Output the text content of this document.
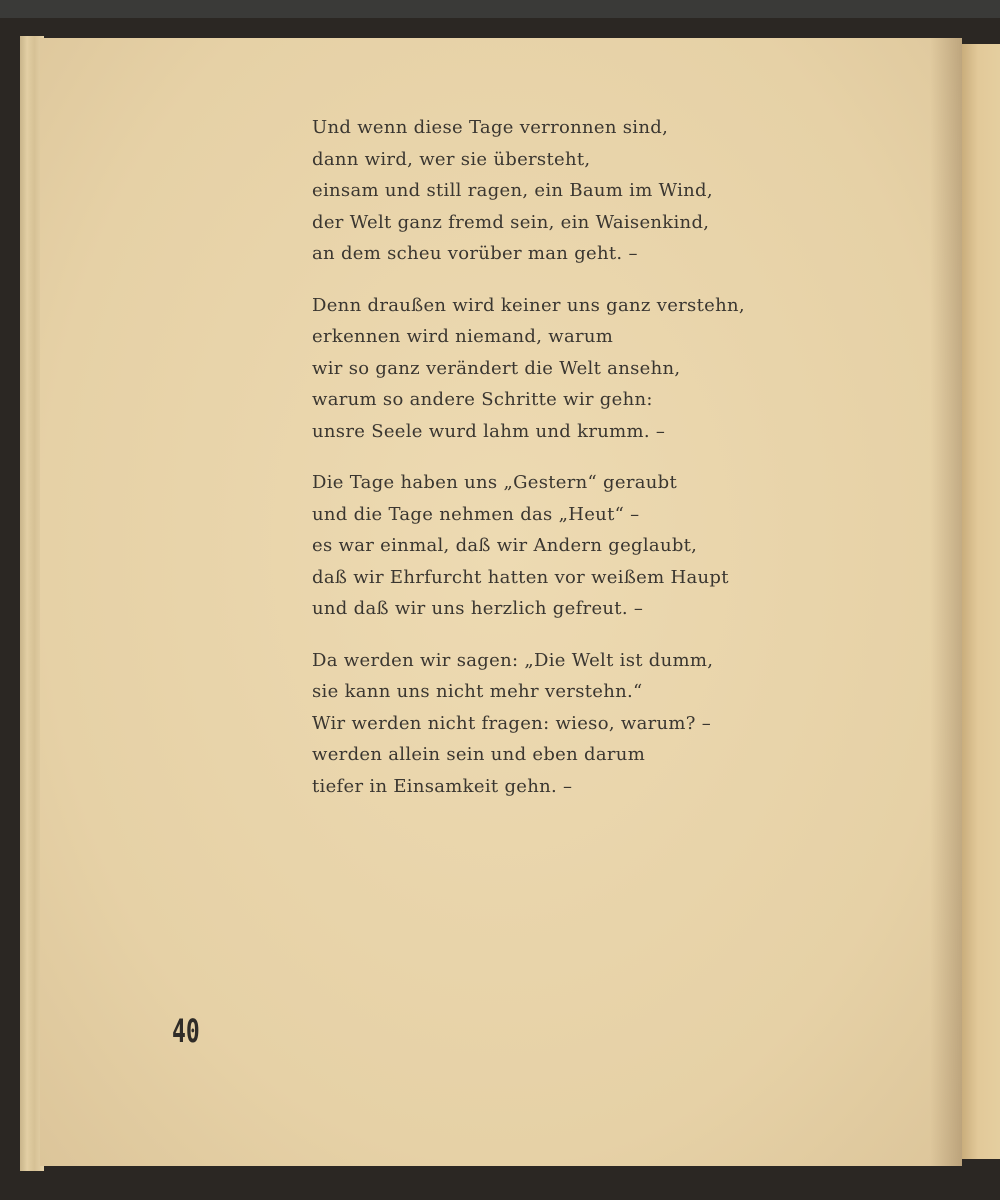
Und wenn diese Tage verronnen sind,
dann wird, wer sie übersteht,
einsam und still ragen, ein Baum im Wind,
der Welt ganz fremd sein, ein Waisenkind,
an dem scheu vorüber man geht. –
Denn draußen wird keiner uns ganz verstehn,
erkennen wird niemand, warum
wir so ganz verändert die Welt ansehn,
warum so andere Schritte wir gehn:
unsre Seele wurd lahm und krumm. –
Die Tage haben uns „Gestern“ geraubt
und die Tage nehmen das „Heut“ –
es war einmal, daß wir Andern geglaubt,
daß wir Ehrfurcht hatten vor weißem Haupt
und daß wir uns herzlich gefreut. –
Da werden wir sagen: „Die Welt ist dumm,
sie kann uns nicht mehr verstehn.“
Wir werden nicht fragen: wieso, warum? –
werden allein sein und eben darum
tiefer in Einsamkeit gehn. –
40
